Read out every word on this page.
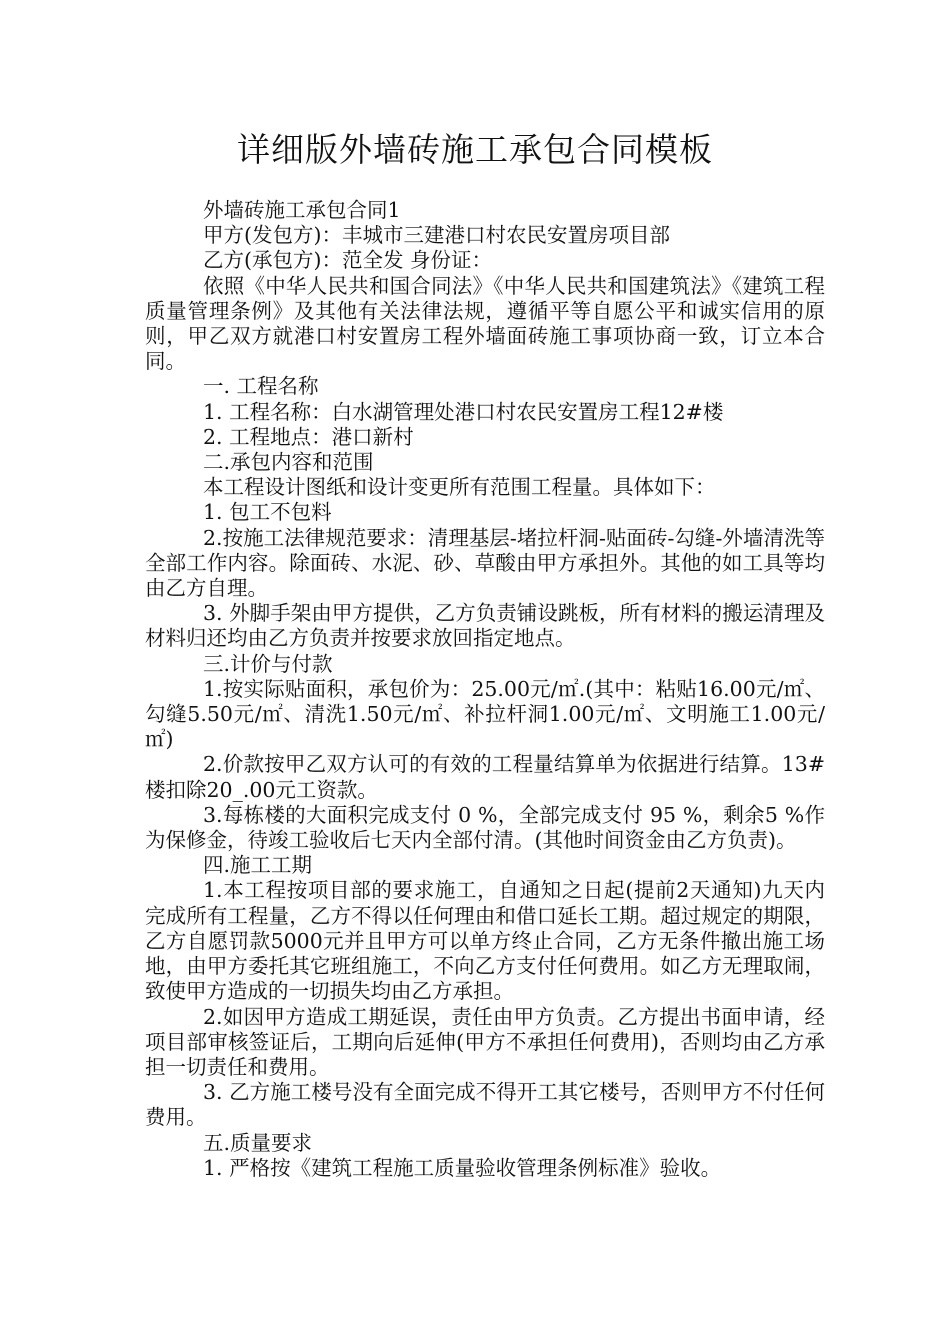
详细版外墙砖施工承包合同模板

外墙砖施工承包合同1

甲方(发包方)：丰城市三建港口村农民安置房项目部

乙方(承包方)：范全发 身份证：

依照《中华人民共和国合同法》《中华人民共和国建筑法》《建筑工程质量管理条例》及其他有关法律法规，遵循平等自愿公平和诚实信用的原则，甲乙双方就港口村安置房工程外墙面砖施工事项协商一致，订立本合同。

一. 工程名称

1. 工程名称：白水湖管理处港口村农民安置房工程12#楼

2. 工程地点：港口新村

二.承包内容和范围

本工程设计图纸和设计变更所有范围工程量。具体如下：

1. 包工不包料

2.按施工法律规范要求：清理基层-堵拉杆洞-贴面砖-勾缝-外墙清洗等全部工作内容。除面砖、水泥、砂、草酸由甲方承担外。其他的如工具等均由乙方自理。

3. 外脚手架由甲方提供，乙方负责铺设跳板，所有材料的搬运清理及材料归还均由乙方负责并按要求放回指定地点。

三.计价与付款

1.按实际贴面积，承包价为：25.00元/㎡.(其中：粘贴16.00元/㎡、勾缝5.50元/㎡、清洗1.50元/㎡、补拉杆洞1.00元/㎡、文明施工1.00元/㎡)

2.价款按甲乙双方认可的有效的工程量结算单为依据进行结算。13#楼扣除20_.00元工资款。

3.每栋楼的大面积完成支付 0 %，全部完成支付 95 %，剩余5 %作为保修金，待竣工验收后七天内全部付清。(其他时间资金由乙方负责)。

四.施工工期

1.本工程按项目部的要求施工，自通知之日起(提前2天通知)九天内完成所有工程量，乙方不得以任何理由和借口延长工期。超过规定的期限，乙方自愿罚款5000元并且甲方可以单方终止合同，乙方无条件撤出施工场地，由甲方委托其它班组施工，不向乙方支付任何费用。如乙方无理取闹，致使甲方造成的一切损失均由乙方承担。

2.如因甲方造成工期延误，责任由甲方负责。乙方提出书面申请，经项目部审核签证后，工期向后延伸(甲方不承担任何费用)，否则均由乙方承担一切责任和费用。

3. 乙方施工楼号没有全面完成不得开工其它楼号，否则甲方不付任何费用。

五.质量要求

1. 严格按《建筑工程施工质量验收管理条例标准》验收。
